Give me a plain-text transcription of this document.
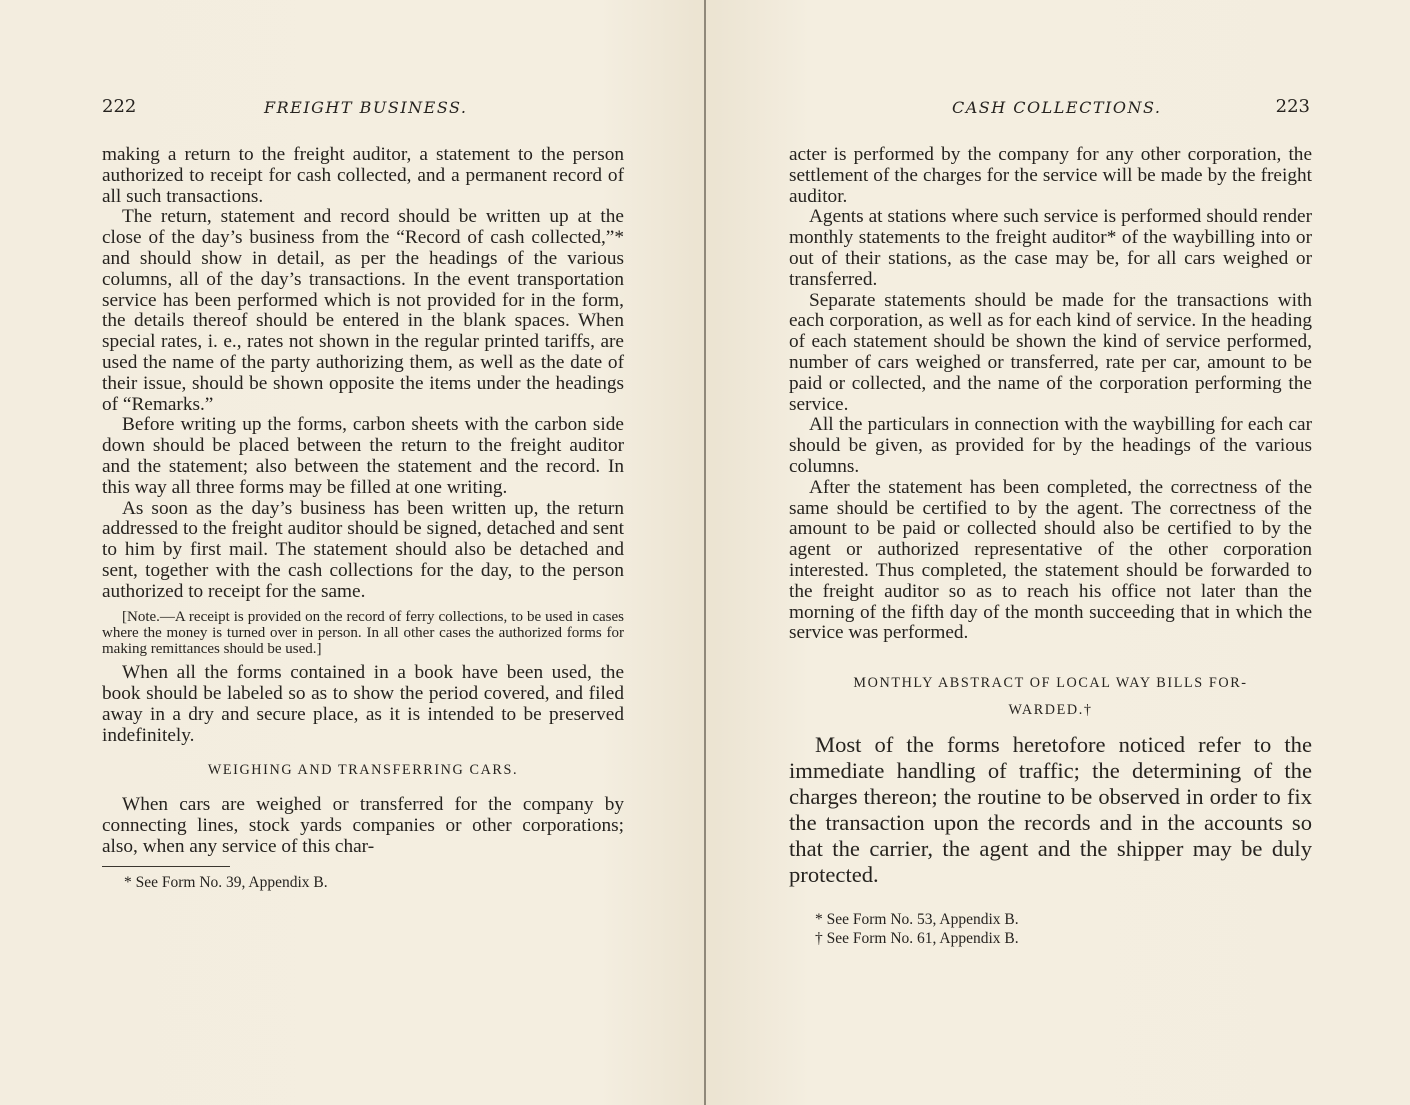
222	FREIGHT BUSINESS.

making a return to the freight auditor, a statement to the person authorized to receipt for cash collected, and a permanent record of all such transactions.

The return, statement and record should be written up at the close of the day’s business from the “Record of cash collected,”* and should show in detail, as per the headings of the various columns, all of the day’s transactions. In the event transportation service has been performed which is not provided for in the form, the details thereof should be entered in the blank spaces. When special rates, i. e., rates not shown in the regular printed tariffs, are used the name of the party authorizing them, as well as the date of their issue, should be shown opposite the items under the headings of “Remarks.”

Before writing up the forms, carbon sheets with the carbon side down should be placed between the return to the freight auditor and the statement; also between the statement and the record. In this way all three forms may be filled at one writing.

As soon as the day’s business has been written up, the return addressed to the freight auditor should be signed, detached and sent to him by first mail. The statement should also be detached and sent, together with the cash collections for the day, to the person authorized to receipt for the same.

[Note.—A receipt is provided on the record of ferry collections, to be used in cases where the money is turned over in person. In all other cases the authorized forms for making remittances should be used.]

When all the forms contained in a book have been used, the book should be labeled so as to show the period covered, and filed away in a dry and secure place, as it is intended to be preserved indefinitely.

WEIGHING AND TRANSFERRING CARS.

When cars are weighed or transferred for the company by connecting lines, stock yards companies or other corporations; also, when any service of this char-

* See Form No. 39, Appendix B.
CASH COLLECTIONS.	223

acter is performed by the company for any other corporation, the settlement of the charges for the service will be made by the freight auditor.

Agents at stations where such service is performed should render monthly statements to the freight auditor* of the waybilling into or out of their stations, as the case may be, for all cars weighed or transferred.

Separate statements should be made for the transactions with each corporation, as well as for each kind of service. In the heading of each statement should be shown the kind of service performed, number of cars weighed or transferred, rate per car, amount to be paid or collected, and the name of the corporation performing the service.

All the particulars in connection with the waybilling for each car should be given, as provided for by the headings of the various columns.

After the statement has been completed, the correctness of the same should be certified to by the agent. The correctness of the amount to be paid or collected should also be certified to by the agent or authorized representative of the other corporation interested. Thus completed, the statement should be forwarded to the freight auditor so as to reach his office not later than the morning of the fifth day of the month succeeding that in which the service was performed.

MONTHLY ABSTRACT OF LOCAL WAY BILLS FOR-
WARDED.†

Most of the forms heretofore noticed refer to the immediate handling of traffic; the determining of the charges thereon; the routine to be observed in order to fix the transaction upon the records and in the accounts so that the carrier, the agent and the shipper may be duly protected.

* See Form No. 53, Appendix B.
† See Form No. 61, Appendix B.
